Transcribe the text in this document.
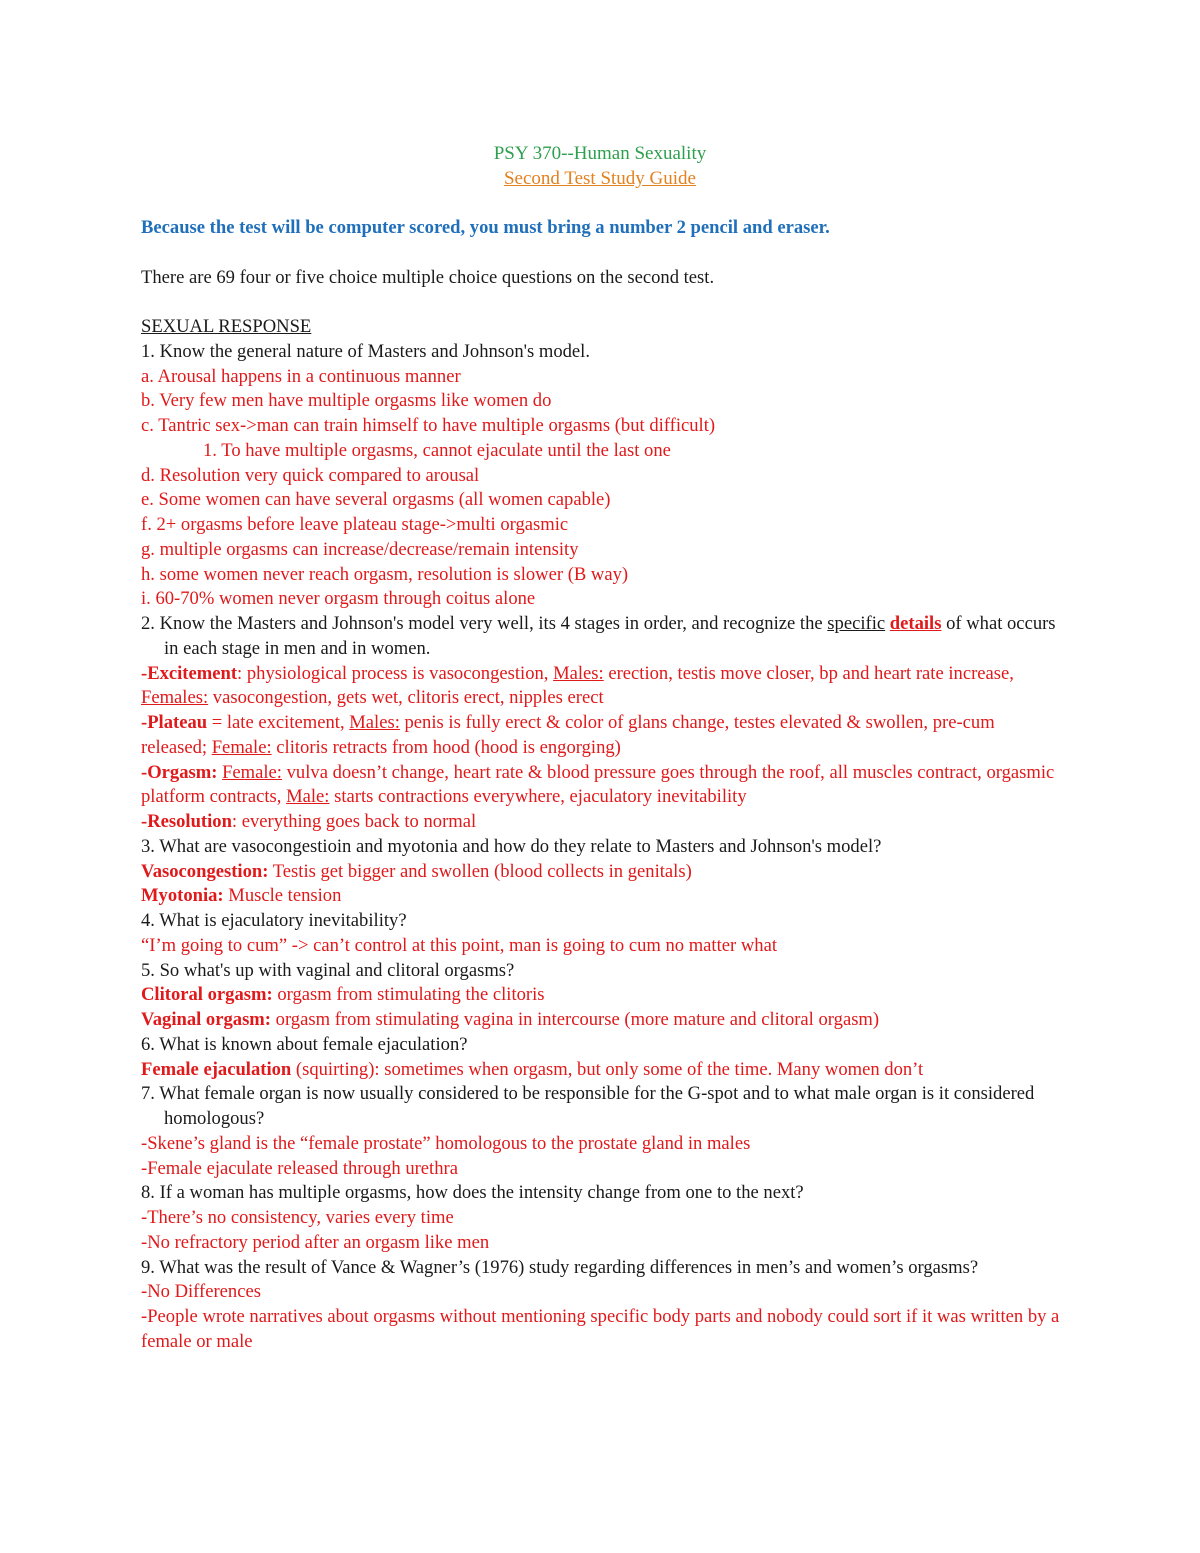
PSY 370--Human Sexuality
Second Test Study Guide
Because the test will be computer scored, you must bring a number 2 pencil and eraser.
There are 69 four or five choice multiple choice questions on the second test.
SEXUAL RESPONSE
1. Know the general nature of Masters and Johnson's model.
a. Arousal happens in a continuous manner
b. Very few men have multiple orgasms like women do
c. Tantric sex->man can train himself to have multiple orgasms (but difficult)
1. To have multiple orgasms, cannot ejaculate until the last one
d. Resolution very quick compared to arousal
e. Some women can have several orgasms (all women capable)
f. 2+ orgasms before leave plateau stage->multi orgasmic
g. multiple orgasms can increase/decrease/remain intensity
h. some women never reach orgasm, resolution is slower (B way)
i. 60-70% women never orgasm through coitus alone
2. Know the Masters and Johnson's model very well, its 4 stages in order, and recognize the specific details of what occurs in each stage in men and in women.
-Excitement: physiological process is vasocongestion, Males: erection, testis move closer, bp and heart rate increase, Females: vasocongestion, gets wet, clitoris erect, nipples erect
-Plateau = late excitement, Males: penis is fully erect & color of glans change, testes elevated & swollen, pre-cum released; Female: clitoris retracts from hood (hood is engorging)
-Orgasm: Female: vulva doesn’t change, heart rate & blood pressure goes through the roof, all muscles contract, orgasmic platform contracts, Male: starts contractions everywhere, ejaculatory inevitability
-Resolution: everything goes back to normal
3. What are vasocongestioin and myotonia and how do they relate to Masters and Johnson's model?
Vasocongestion: Testis get bigger and swollen (blood collects in genitals)
Myotonia: Muscle tension
4. What is ejaculatory inevitability?
“I’m going to cum” -> can’t control at this point, man is going to cum no matter what
5. So what's up with vaginal and clitoral orgasms?
Clitoral orgasm: orgasm from stimulating the clitoris
Vaginal orgasm: orgasm from stimulating vagina in intercourse (more mature and clitoral orgasm)
6. What is known about female ejaculation?
Female ejaculation (squirting): sometimes when orgasm, but only some of the time. Many women don’t
7. What female organ is now usually considered to be responsible for the G-spot and to what male organ is it considered homologous?
-Skene’s gland is the “female prostate” homologous to the prostate gland in males
-Female ejaculate released through urethra
8. If a woman has multiple orgasms, how does the intensity change from one to the next?
-There’s no consistency, varies every time
-No refractory period after an orgasm like men
9. What was the result of Vance & Wagner’s (1976) study regarding differences in men’s and women’s orgasms?
-No Differences
-People wrote narratives about orgasms without mentioning specific body parts and nobody could sort if it was written by a female or male
